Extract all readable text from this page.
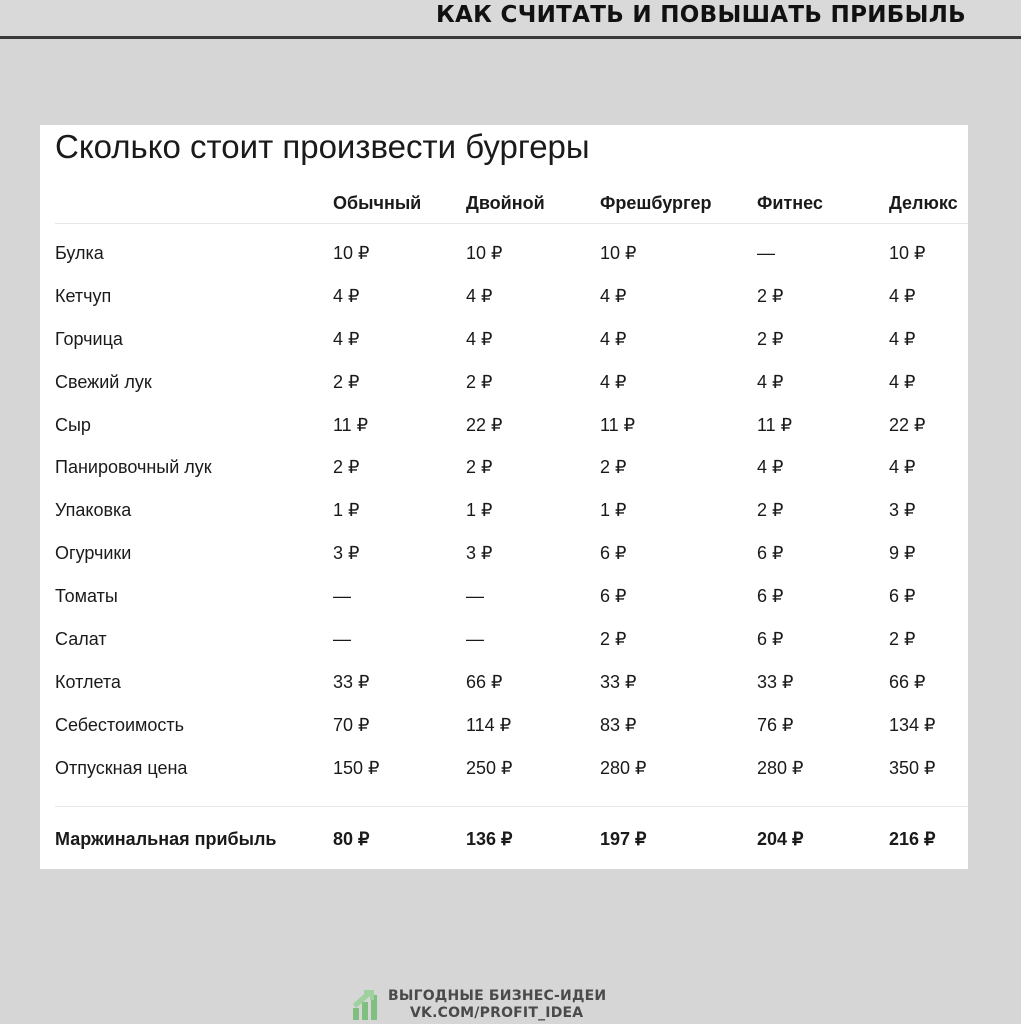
КАК СЧИТАТЬ И ПОВЫШАТЬ ПРИБЫЛЬ
Сколько стоит произвести бургеры
	Обычный	Двойной	Фрешбургер	Фитнес	Делюкс
Булка	10 ₽	10 ₽	10 ₽	—	10 ₽
Кетчуп	4 ₽	4 ₽	4 ₽	2 ₽	4 ₽
Горчица	4 ₽	4 ₽	4 ₽	2 ₽	4 ₽
Свежий лук	2 ₽	2 ₽	4 ₽	4 ₽	4 ₽
Сыр	11 ₽	22 ₽	11 ₽	11 ₽	22 ₽
Панировочный лук	2 ₽	2 ₽	2 ₽	4 ₽	4 ₽
Упаковка	1 ₽	1 ₽	1 ₽	2 ₽	3 ₽
Огурчики	3 ₽	3 ₽	6 ₽	6 ₽	9 ₽
Томаты	—	—	6 ₽	6 ₽	6 ₽
Салат	—	—	2 ₽	6 ₽	2 ₽
Котлета	33 ₽	66 ₽	33 ₽	33 ₽	66 ₽
Себестоимость	70 ₽	114 ₽	83 ₽	76 ₽	134 ₽
Отпускная цена	150 ₽	250 ₽	280 ₽	280 ₽	350 ₽

Маржинальная прибыль	80 ₽	136 ₽	197 ₽	204 ₽	216 ₽
ВЫГОДНЫЕ БИЗНЕС-ИДЕИ
VK.COM/PROFIT_IDEA
